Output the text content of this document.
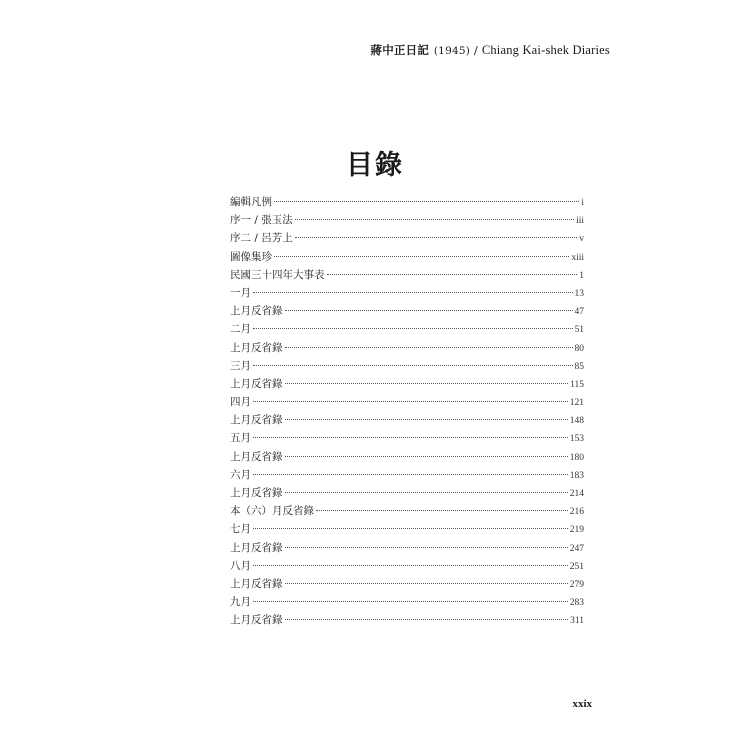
蔣中正日記 (1945) / Chiang Kai-shek Diaries
目錄
編輯凡例	i
序一 / 張玉法	iii
序二 / 呂芳上	v
圖像集珍	xiii
民國三十四年大事表	1
一月	13
上月反省錄	47
二月	51
上月反省錄	80
三月	85
上月反省錄	115
四月	121
上月反省錄	148
五月	153
上月反省錄	180
六月	183
上月反省錄	214
本（六）月反省錄	216
七月	219
上月反省錄	247
八月	251
上月反省錄	279
九月	283
上月反省錄	311
xxix
